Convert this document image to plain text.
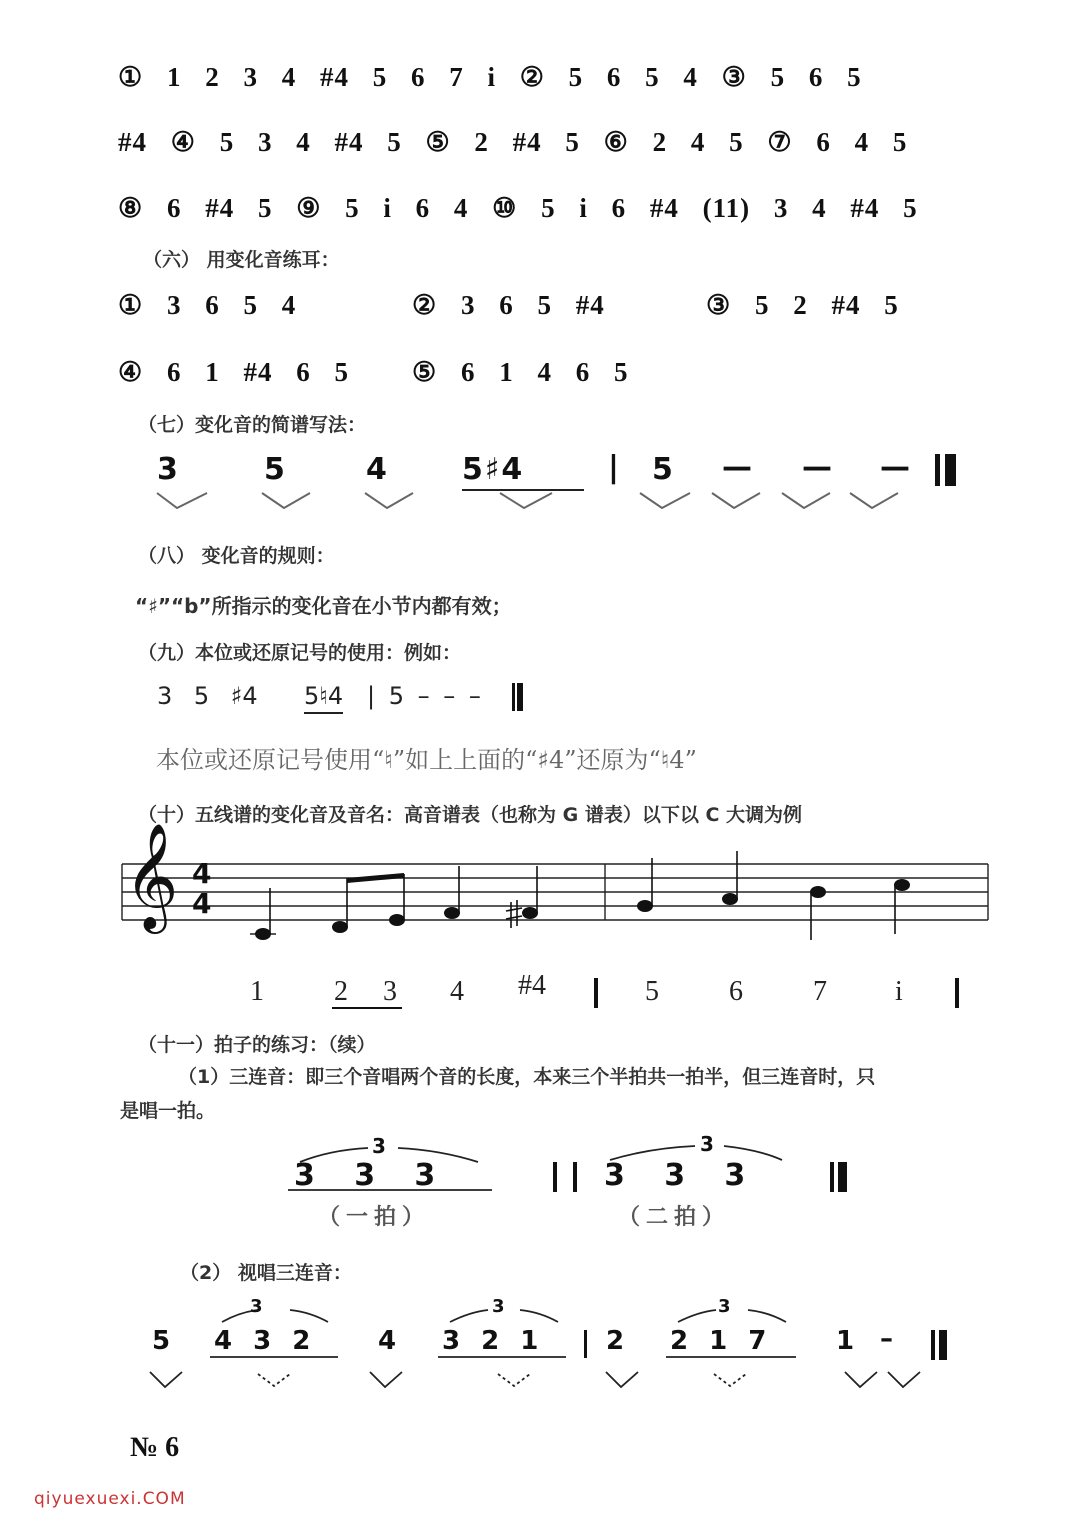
① 1 2 3 4 #4 5 6 7 i ② 5 6 5 4 ③ 5 6 5
#4 ④ 5 3 4 #4 5 ⑤ 2 #4 5 ⑥ 2 4 5 ⑦ 6 4 5
⑧ 6 #4 5 ⑨ 5 i 6 4 ⑩ 5 i 6 #4 (11) 3 4 #4 5
（六） 用变化音练耳：
① 3 6 5 4	② 3 6 5 #4	③ 5 2 #4 5
④ 6 1 #4 6 5 ⑤ 6 1 4 6 5
（七）变化音的简谱写法：
3	5	4 5♯4	| 5 — — —
（八） 变化音的规则：
“♯”“b”所指示的变化音在小节内都有效；
（九）本位或还原记号的使用：例如：
3 5 ♯4 5♮4 | 5 – – –
本位或还原记号使用“♮”如上上面的“♯4”还原为“♮4”
（十）五线谱的变化音及音名：高音谱表（也称为 G 谱表）以下以 C 大调为例
𝄞 4
4
1	2 3 4 #4	5	6	7 i
（十一）拍子的练习：（续）
（1）三连音：即三个音唱两个音的长度，本来三个半拍共一拍半，但三连音时，只
是唱一拍。
3	3
3   3   3	3   3   3
（一拍）	（二拍）
（2） 视唱三连音：
3	3	3
5 4 3 2	4 3 2 1	2 2 1 7	1 –
№ 6
qiyuexuexi.COM
